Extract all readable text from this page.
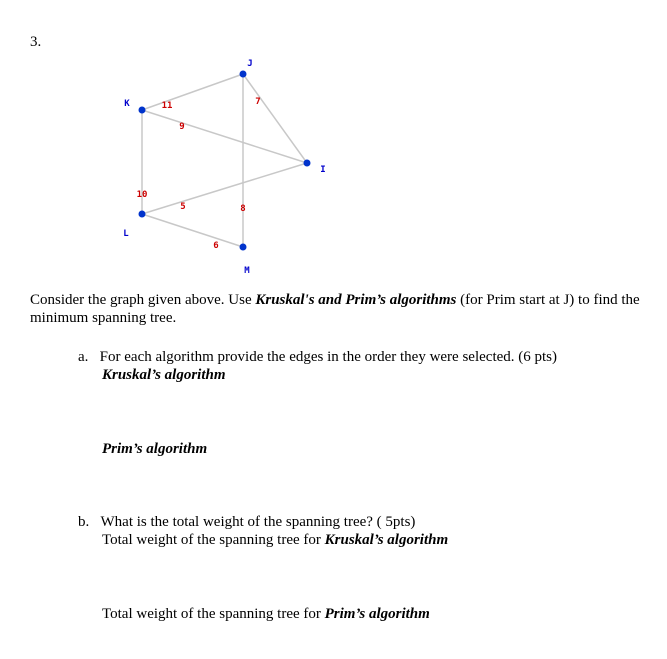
3.
11
9
7
10
5	8
6
K
J
I
L
M
Consider the graph given above. Use Kruskal's and Prim’s algorithms (for Prim start at J) to find the minimum spanning tree.
a. For each algorithm provide the edges in the order they were selected. (6 pts)
Kruskal’s algorithm
Prim’s algorithm
b. What is the total weight of the spanning tree? ( 5pts)
Total weight of the spanning tree for Kruskal’s algorithm
Total weight of the spanning tree for Prim’s algorithm
